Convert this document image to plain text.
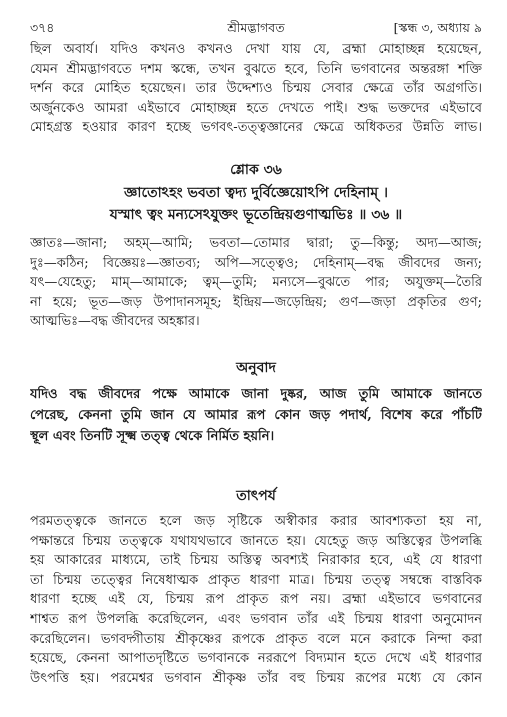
৩৭৪	শ্রীমদ্ভাগবত	[স্কন্ধ ৩, অধ্যায় ৯
ছিল অবার্য। যদিও কখনও কখনও দেখা যায় যে, ব্রহ্মা মোহাচ্ছন্ন হয়েছেন,
যেমন শ্রীমদ্ভাগবতে দশম স্কন্ধে, তখন বুঝতে হবে, তিনি ভগবানের অন্তরঙ্গা শক্তি
দর্শন করে মোহিত হয়েছেন। তার উদ্দেশ্যও চিন্ময় সেবার ক্ষেত্রে তাঁর অগ্রগতি।
অর্জুনকেও আমরা এইভাবে মোহাচ্ছন্ন হতে দেখতে পাই। শুদ্ধ ভক্তদের এইভাবে
মোহগ্রস্ত হওয়ার কারণ হচ্ছে ভগবৎ-তত্ত্বজ্ঞানের ক্ষেত্রে অধিকতর উন্নতি লাভ।
শ্লোক ৩৬
জ্ঞাতোঽহং ভবতা ত্বদ্য দুর্বিজ্ঞেয়োঽপি দেহিনাম্ ।
যস্মাৎ ত্বং মন্যসেঽযুক্তং ভূতেন্দ্রিয়গুণাত্মভিঃ ॥ ৩৬ ॥
জ্ঞাতঃ—জানা; অহম্—আমি; ভবতা—তোমার দ্বারা; তু—কিন্তু; অদ্য—আজ;
দুঃ—কঠিন; বিজ্ঞেয়ঃ—জ্ঞাতব্য; অপি—সত্ত্বেও; দেহিনাম্—বদ্ধ জীবদের জন্য;
যৎ—যেহেতু; মাম্—আমাকে; ত্বম্—তুমি; মন্যসে—বুঝতে পার; অযুক্তম্—তৈরি
না হয়ে; ভূত—জড় উপাদানসমূহ; ইন্দ্রিয়—জড়েন্দ্রিয়; গুণ—জড়া প্রকৃতির গুণ;
আত্মভিঃ—বদ্ধ জীবদের অহঙ্কার।
অনুবাদ
যদিও বদ্ধ জীবদের পক্ষে আমাকে জানা দুষ্কর, আজ তুমি আমাকে জানতে
পেরেছ, কেননা তুমি জান যে আমার রূপ কোন জড় পদার্থ, বিশেষ করে পাঁচটি
স্থূল এবং তিনটি সূক্ষ্ম তত্ত্ব থেকে নির্মিত হয়নি।
তাৎপর্য
পরমতত্ত্বকে জানতে হলে জড় সৃষ্টিকে অস্বীকার করার আবশ্যকতা হয় না,
পক্ষান্তরে চিন্ময় তত্ত্বকে যথাযথভাবে জানতে হয়। যেহেতু জড় অস্তিত্বের উপলব্ধি
হয় আকারের মাধ্যমে, তাই চিন্ময় অস্তিত্ব অবশ্যই নিরাকার হবে, এই যে ধারণা
তা চিন্ময় তত্ত্বের নিষেধাত্মক প্রাকৃত ধারণা মাত্র। চিন্ময় তত্ত্ব সম্বন্ধে বাস্তবিক
ধারণা হচ্ছে এই যে, চিন্ময় রূপ প্রাকৃত রূপ নয়। ব্রহ্মা এইভাবে ভগবানের
শাশ্বত রূপ উপলব্ধি করেছিলেন, এবং ভগবান তাঁর এই চিন্ময় ধারণা অনুমোদন
করেছিলেন। ভগবদ্গীতায় শ্রীকৃষ্ণের রূপকে প্রাকৃত বলে মনে করাকে নিন্দা করা
হয়েছে, কেননা আপাতদৃষ্টিতে ভগবানকে নররূপে বিদ্যমান হতে দেখে এই ধারণার
উৎপত্তি হয়। পরমেশ্বর ভগবান শ্রীকৃষ্ণ তাঁর বহু চিন্ময় রূপের মধ্যে যে কোন
